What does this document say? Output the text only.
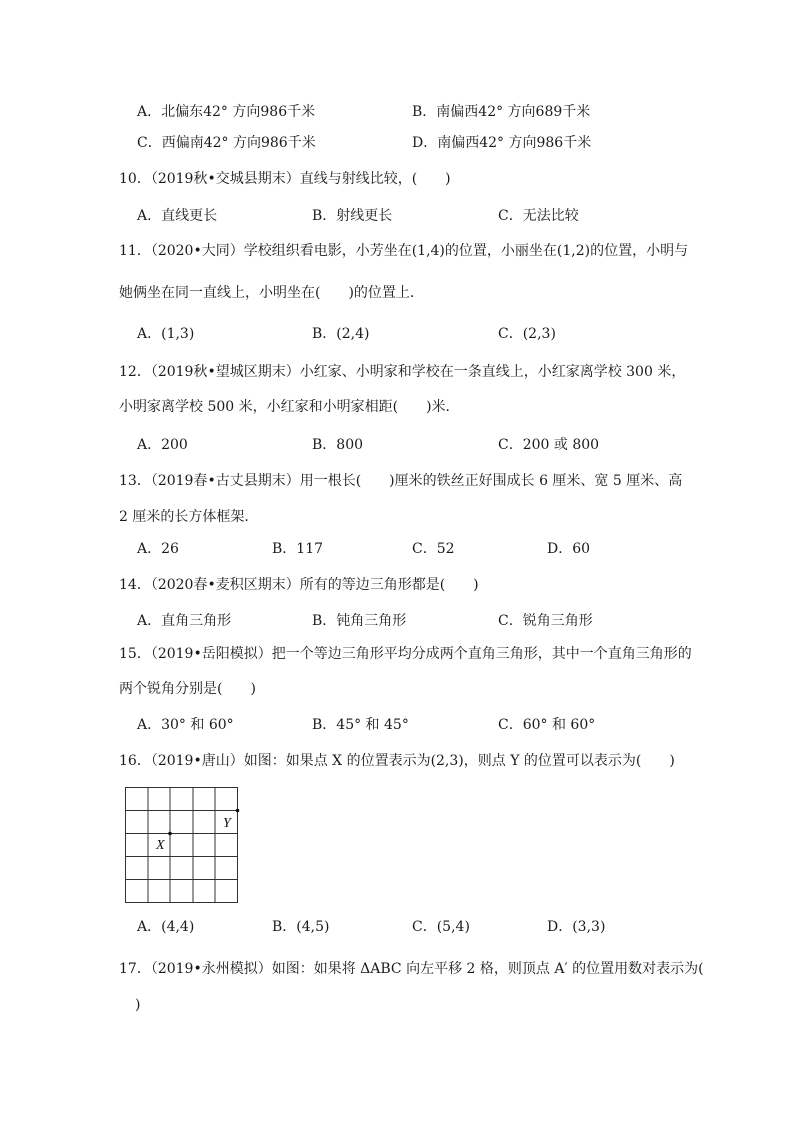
A．北偏东42° 方向986千米	B．南偏西42° 方向689千米
C．西偏南42° 方向986千米	D．南偏西42° 方向986千米
10．（2019秋•交城县期末）直线与射线比较，(　　)
A．直线更长	B．射线更长	C．无法比较
11．（2020•大同）学校组织看电影，小芳坐在(1,4)的位置，小丽坐在(1,2)的位置，小明与
她俩坐在同一直线上，小明坐在(　　)的位置上．
A．(1,3)	B．(2,4)	C．(2,3)
12．（2019秋•望城区期末）小红家、小明家和学校在一条直线上，小红家离学校 300 米，
小明家离学校 500 米，小红家和小明家相距(　　)米．
A．200	B．800	C．200 或 800
13．（2019春•古丈县期末）用一根长(　　)厘米的铁丝正好围成长 6 厘米、宽 5 厘米、高
2 厘米的长方体框架．
A．26	B．117	C．52	D．60
14．（2020春•麦积区期末）所有的等边三角形都是(　　)
A．直角三角形	B．钝角三角形	C．锐角三角形
15．（2019•岳阳模拟）把一个等边三角形平均分成两个直角三角形，其中一个直角三角形的
两个锐角分别是(　　)
A．30° 和 60°	B．45° 和 45°	C．60° 和 60°
16．（2019•唐山）如图：如果点 X 的位置表示为(2,3)，则点 Y 的位置可以表示为(　　)
X
Y
A．(4,4)	B．(4,5)	C．(5,4)	D．(3,3)
17．（2019•永州模拟）如图：如果将 ΔABC 向左平移 2 格，则顶点 A′ 的位置用数对表示为(
)
